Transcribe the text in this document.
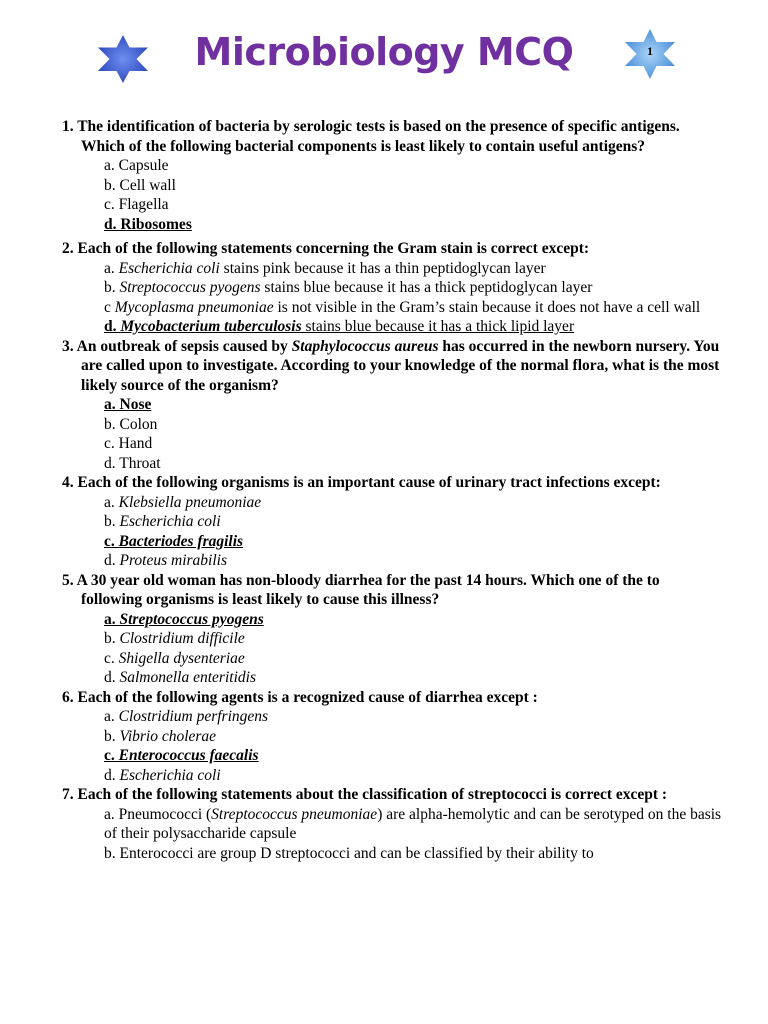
Microbiology MCQ	1
1. The identification of bacteria by serologic tests is based on the presence of specific antigens. Which of the following bacterial components is least likely to contain useful antigens?
a. Capsule
b. Cell wall
c. Flagella
d. Ribosomes
2. Each of the following statements concerning the Gram stain is correct except:
a. Escherichia coli stains pink because it has a thin peptidoglycan layer
b. Streptococcus pyogens stains blue because it has a thick peptidoglycan layer
c Mycoplasma pneumoniae is not visible in the Gram’s stain because it does not have a cell wall
d. Mycobacterium tuberculosis stains blue because it has a thick lipid layer
3. An outbreak of sepsis caused by Staphylococcus aureus has occurred in the newborn nursery. You are called upon to investigate. According to your knowledge of the normal flora, what is the most likely source of the organism?
a. Nose
b. Colon
c. Hand
d. Throat
4. Each of the following organisms is an important cause of urinary tract infections except:
a. Klebsiella pneumoniae
b. Escherichia coli
c. Bacteriodes fragilis
d. Proteus mirabilis
5. A 30 year old woman has non-bloody diarrhea for the past 14 hours. Which one of the to following organisms is least likely to cause this illness?
a. Streptococcus pyogens
b. Clostridium difficile
c. Shigella dysenteriae
d. Salmonella enteritidis
6. Each of the following agents is a recognized cause of diarrhea except :
a. Clostridium perfringens
b. Vibrio cholerae
c. Enterococcus faecalis
d. Escherichia coli
7. Each of the following statements about the classification of streptococci is correct except :
a. Pneumococci (Streptococcus pneumoniae) are alpha-hemolytic and can be serotyped on the basis of their polysaccharide capsule
b. Enterococci are group D streptococci and can be classified by their ability to
